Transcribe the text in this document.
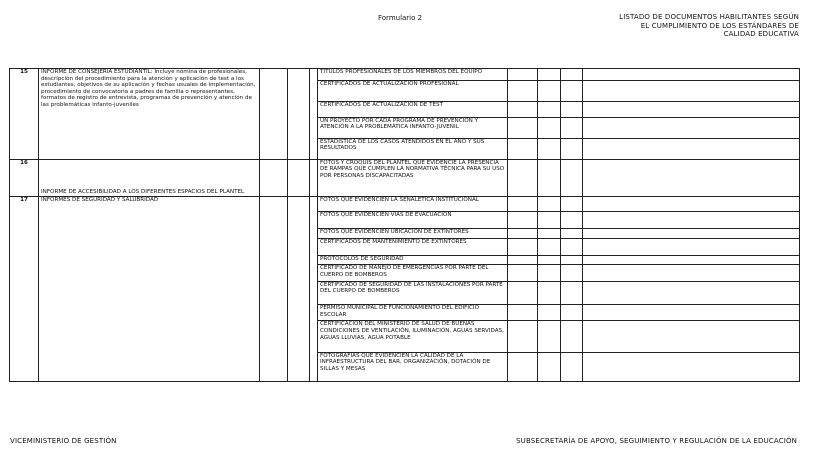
Formulario 2	LISTADO DE DOCUMENTOS HABILITANTES SEGÚN
EL CUMPLIMIENTO DE LOS ESTÁNDARES DE
CALIDAD EDUCATIVA
15	INFORME DE CONSEJERÍA ESTUDIANTIL: Incluye nómina de profesionales, descripción del procedimiento para la atención y aplicación de test a los estudiantes, objetivos de su aplicación y fechas usuales de implementación, procedimiento de convocatoria a padres de familia o representantes, formatos de registro de entrevista, programas de prevención y atención de las problemáticas infanto-juveniles				TÍTULOS PROFESIONALES DE LOS MIEMBROS DEL EQUIPO				
					CERTIFICADOS DE ACTUALIZACIÓN PROFESIONAL				
					CERTIFICADOS DE ACTUALIZACIÓN DE TEST				
					UN PROYECTO POR CADA PROGRAMA DE PREVENCIÓN Y ATENCIÓN A LA PROBLEMÁTICA INFANTO-JUVENIL				
					ESTADÍSTICA DE LOS CASOS ATENDIDOS EN EL AÑO Y SUS RESULTADOS				
16	INFORME DE ACCESIBILIDAD A LOS DIFERENTES ESPACIOS DEL PLANTEL				FOTOS Y CROQUIS DEL PLANTEL QUE EVIDENCIE LA PRESENCIA DE RAMPAS QUE CUMPLEN LA NORMATIVA TÉCNICA PARA SU USO POR PERSONAS DISCAPACITADAS				
17	INFORMES DE SEGURIDAD Y SALUBRIDAD				FOTOS QUE EVIDENCIEN LA SEÑALÉTICA INSTITUCIONAL				
					FOTOS QUE EVIDENCIEN VÍAS DE EVACUACIÓN				
					FOTOS QUE EVIDENCIEN UBICACIÓN DE EXTINTORES				
					CERTIFICADOS DE MANTENIMIENTO DE EXTINTORES				
					PROTOCOLOS DE SEGURIDAD				
					CERTIFICADO DE MANEJO DE EMERGENCIAS POR PARTE DEL CUERPO DE BOMBEROS				
					CERTIFICADO DE SEGURIDAD DE LAS INSTALACIONES POR PARTE DEL CUERPO DE BOMBEROS				
					PERMISO MUNICIPAL DE FUNCIONAMIENTO DEL EDIFICIO ESCOLAR				
					CERTIFICACIÓN DEL MINISTERIO DE SALUD DE BUENAS CONDICIONES DE VENTILACIÓN, ILUMINACIÓN, AGUAS SERVIDAS, AGUAS LLUVIAS, AGUA POTABLE				
					FOTOGRAFÍAS QUE EVIDENCIEN LA CALIDAD DE LA INFRAESTRUCTURA DEL BAR, ORGANIZACIÓN, DOTACIÓN DE SILLAS Y MESAS				
VICEMINISTERIO DE GESTIÓN	SUBSECRETARÍA DE APOYO, SEGUIMIENTO Y REGULACIÓN DE LA EDUCACIÓN
